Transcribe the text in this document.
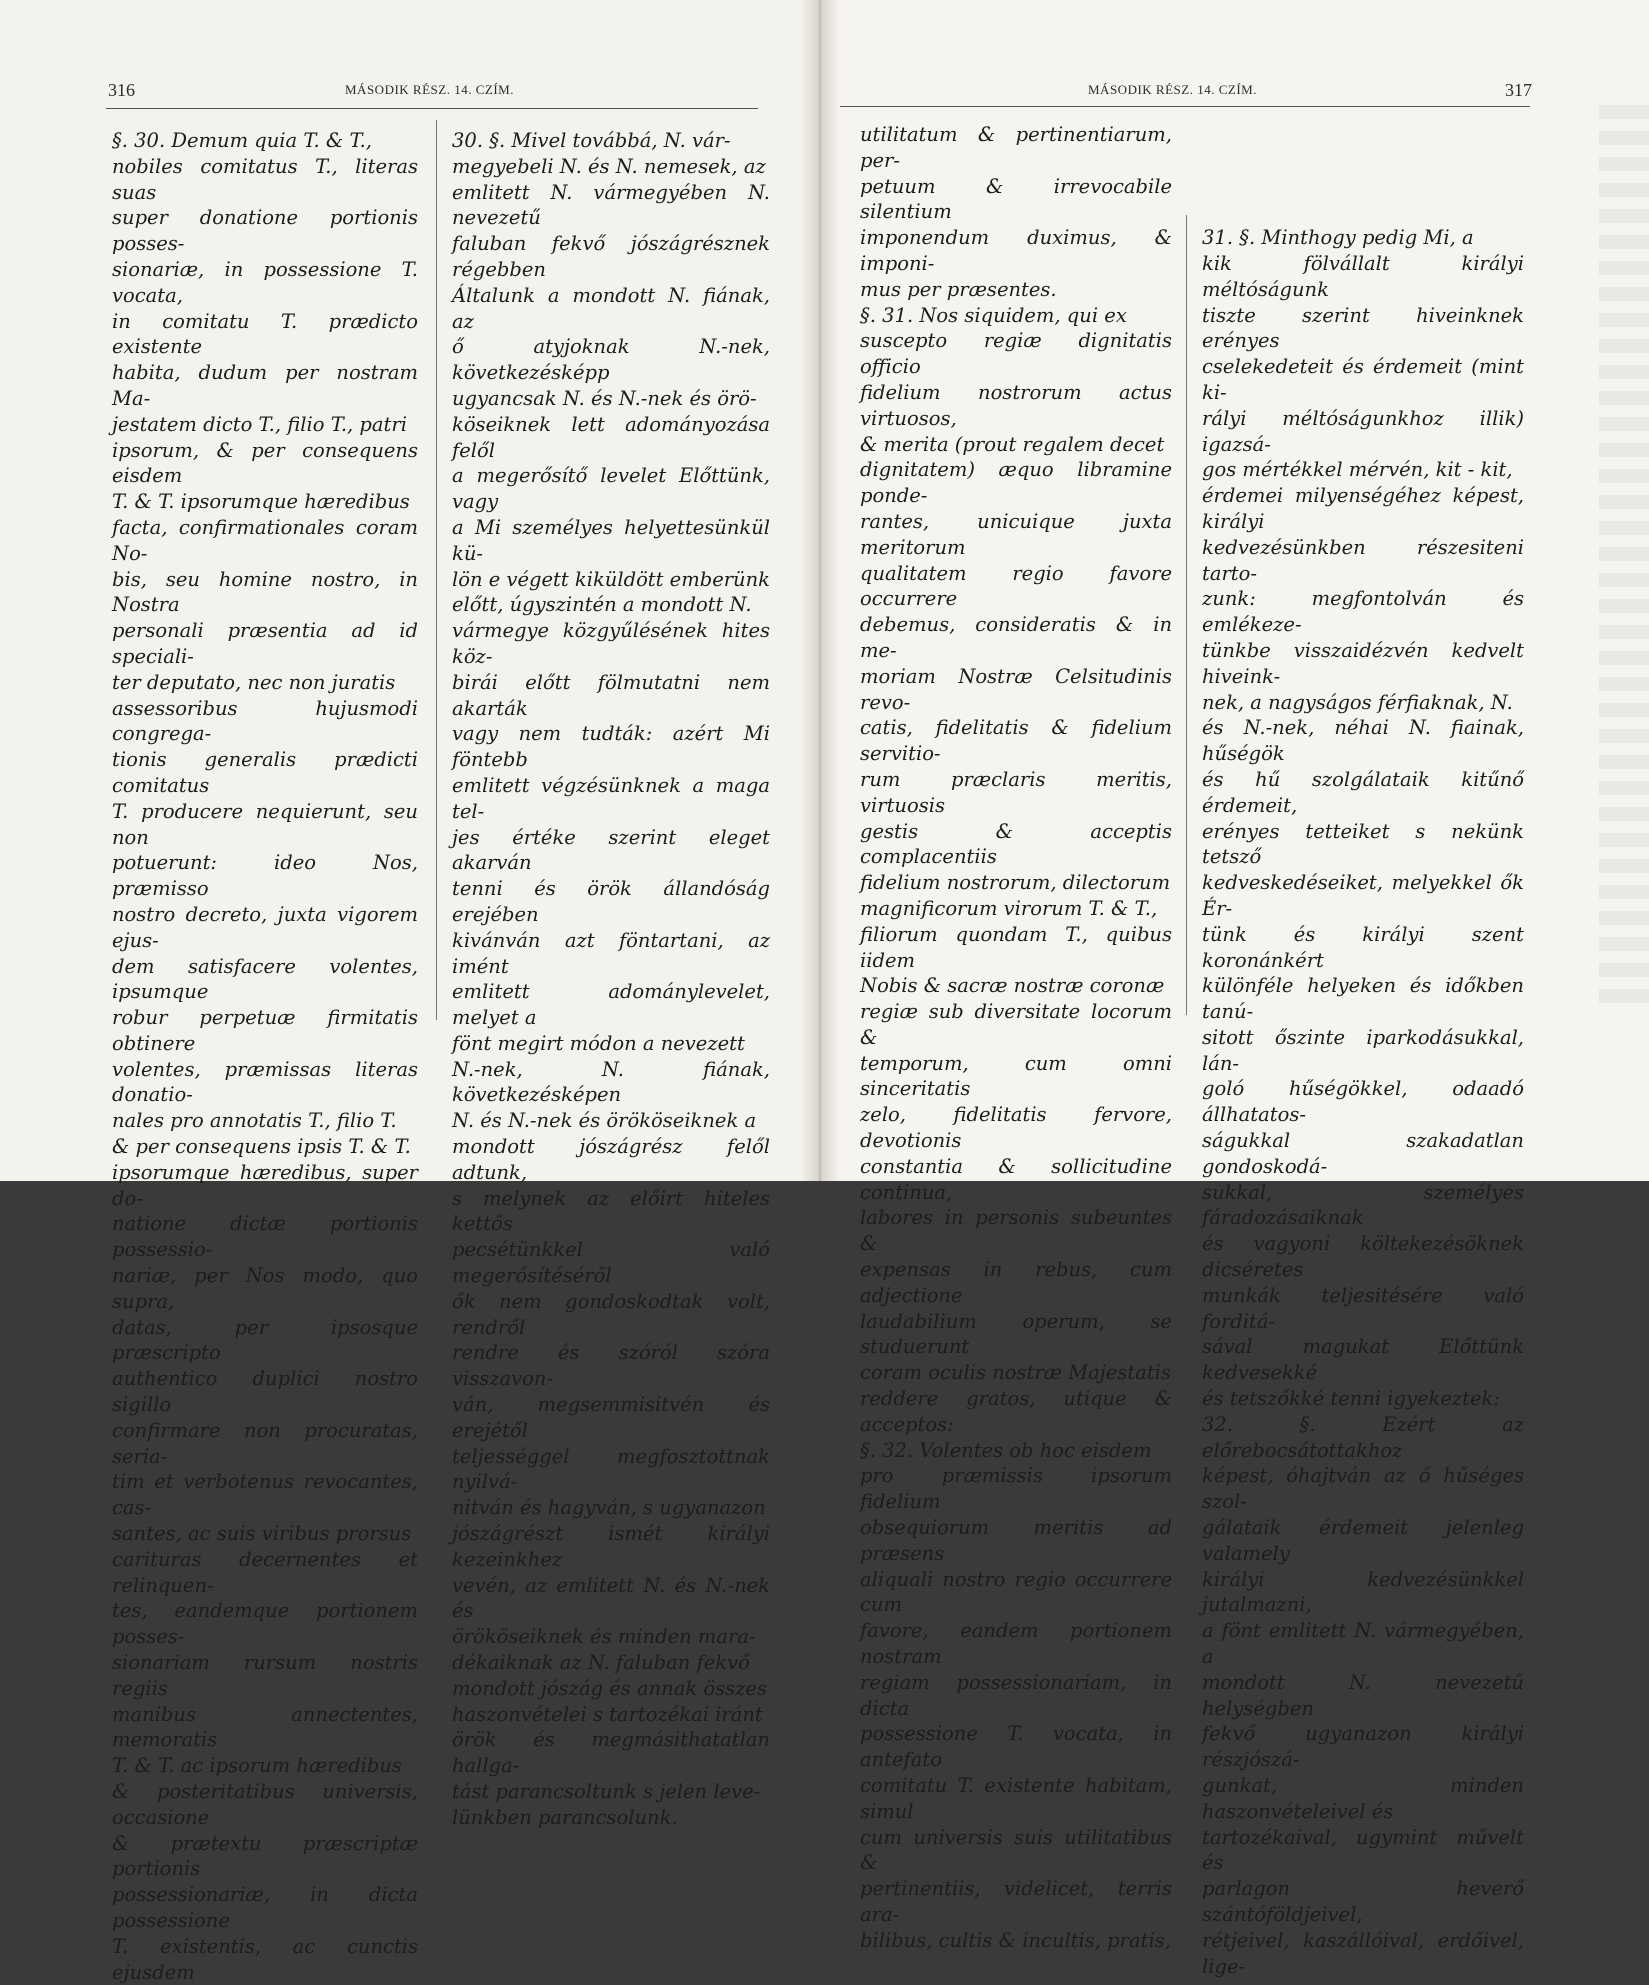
316	MÁSODIK RÉSZ. 14. CZÍM.
§. 30. Demum quia T. & T.,
nobiles comitatus T., literas suas
super donatione portionis posses-
sionariæ, in possessione T. vocata,
in comitatu T. prædicto existente
habita, dudum per nostram Ma-
jestatem dicto T., filio T., patri
ipsorum, & per consequens eisdem
T. & T. ipsorumque hæredibus
facta, confirmationales coram No-
bis, seu homine nostro, in Nostra
personali præsentia ad id speciali-
ter deputato, nec non juratis
assessoribus hujusmodi congrega-
tionis generalis prædicti comitatus
T. producere nequierunt, seu non
potuerunt: ideo Nos, præmisso
nostro decreto, juxta vigorem ejus-
dem satisfacere volentes, ipsumque
robur perpetuæ firmitatis obtinere
volentes, præmissas literas donatio-
nales pro annotatis T., filio T.
& per consequens ipsis T. & T.
ipsorumque hæredibus, super do-
natione dictæ portionis possessio-
nariæ, per Nos modo, quo supra,
datas, per ipsosque præscripto
authentico duplici nostro sigillo
confirmare non procuratas, seria-
tim et verbotenus revocantes, cas-
santes, ac suis viribus prorsus
carituras decernentes et relinquen-
tes, eandemque portionem posses-
sionariam rursum nostris regiis
manibus annectentes, memoratis
T. & T. ac ipsorum hæredibus
& posteritatibus universis, occasione
& prætextu præscriptæ portionis
possessionariæ, in dicta possessione
T. existentis, ac cunctis ejusdem
30. §. Mivel továbbá, N. vár-
megyebeli N. és N. nemesek, az
emlitett N. vármegyében N. nevezetű
faluban fekvő jószágrésznek régebben
Általunk a mondott N. fiának, az
ő atyjoknak N.-nek, következésképp
ugyancsak N. és N.-nek és örö-
köseiknek lett adományozása felől
a megerősítő levelet Előttünk, vagy
a Mi személyes helyettesünkül kü-
lön e végett kiküldött emberünk
előtt, úgyszintén a mondott N.
vármegye közgyűlésének hites köz-
birái előtt fölmutatni nem akarták
vagy nem tudták: azért Mi föntebb
emlitett végzésünknek a maga tel-
jes értéke szerint eleget akarván
tenni és örök állandóság erejében
kivánván azt föntartani, az imént
emlitett adománylevelet, melyet a
fönt megirt módon a nevezett
N.-nek, N. fiának, következésképen
N. és N.-nek és örököseiknek a
mondott jószágrész felől adtunk,
s melynek az előirt hiteles kettős
pecsétünkkel való megerősítéséről
ők nem gondoskodtak volt, rendről
rendre és szóról szóra visszavon-
ván, megsemmisitvén és erejétől
teljességgel megfosztottnak nyilvá-
nitván és hagyván, s ugyanazon
jószágrészt ismét királyi kezeinkhez
vevén, az emlitett N. és N.-nek és
örököseiknek és minden mara-
dékaiknak az N. faluban fekvő
mondott jószág és annak összes
haszonvételei s tartozékai iránt
örök és megmásithatatlan hallga-
tást parancsoltunk s jelen leve-
lünkben parancsolunk.
MÁSODIK RÉSZ. 14. CZÍM.	317
utilitatum & pertinentiarum, per-
petuum & irrevocabile silentium
imponendum duximus, & imponi-
mus per præsentes.
§. 31. Nos siquidem, qui ex
suscepto regiæ dignitatis officio
fidelium nostrorum actus virtuosos,
& merita (prout regalem decet
dignitatem) æquo libramine ponde-
rantes, unicuique juxta meritorum
qualitatem regio favore occurrere
debemus, consideratis & in me-
moriam Nostræ Celsitudinis revo-
catis, fidelitatis & fidelium servitio-
rum præclaris meritis, virtuosis
gestis & acceptis complacentiis
fidelium nostrorum, dilectorum
magnificorum virorum T. & T.,
filiorum quondam T., quibus iidem
Nobis & sacræ nostræ coronæ
regiæ sub diversitate locorum &
temporum, cum omni sinceritatis
zelo, fidelitatis fervore, devotionis
constantia & sollicitudine continua,
labores in personis subeuntes &
expensas in rebus, cum adjectione
laudabilium operum, se studuerunt
coram oculis nostræ Majestatis
reddere gratos, utique & acceptos:
§. 32. Volentes ob hoc eisdem
pro præmissis ipsorum fidelium
obsequiorum meritis ad præsens
aliquali nostro regio occurrere cum
favore, eandem portionem nostram
regiam possessionariam, in dicta
possessione T. vocata, in antefato
comitatu T. existente habitam, simul
cum universis suis utilitatibus &
pertinentiis, videlicet, terris ara-
bilibus, cultis & incultis, pratis,

31. §. Minthogy pedig Mi, a
kik fölvállalt királyi méltóságunk
tiszte szerint hiveinknek erényes
cselekedeteit és érdemeit (mint ki-
rályi méltóságunkhoz illik) igazsá-
gos mértékkel mérvén, kit - kit,
érdemei milyenségéhez képest, királyi
kedvezésünkben részesiteni tarto-
zunk: megfontolván és emlékeze-
tünkbe visszaidézvén kedvelt hiveink-
nek, a nagyságos férfiaknak, N.
és N.-nek, néhai N. fiainak, hűségök
és hű szolgálataik kitűnő érdemeit,
erényes tetteiket s nekünk tetsző
kedveskedéseiket, melyekkel ők Ér-
tünk és királyi szent koronánkért
különféle helyeken és időkben tanú-
sitott őszinte iparkodásukkal, lán-
goló hűségökkel, odaadó állhatatos-
ságukkal szakadatlan gondoskodá-
sukkal, személyes fáradozásaiknak
és vagyoni költekezésöknek dicséretes
munkák teljesitésére való forditá-
sával magukat Előttünk kedvesekké
és tetszőkké tenni igyekeztek:
32. §. Ezért az előrebocsátottakhoz
képest, óhajtván az ő hűséges szol-
gálataik érdemeit jelenleg valamely
királyi kedvezésünkkel jutalmazni,
a fönt emlitett N. vármegyében, a
mondott N. nevezetű helységben
fekvő ugyanazon királyi részjószá-
gunkat, minden haszonvételeivel és
tartozékaival, ugymint művelt és
parlagon heverő szántóföldjeivel,
rétjeivel, kaszállóival, erdőivel, lige-
